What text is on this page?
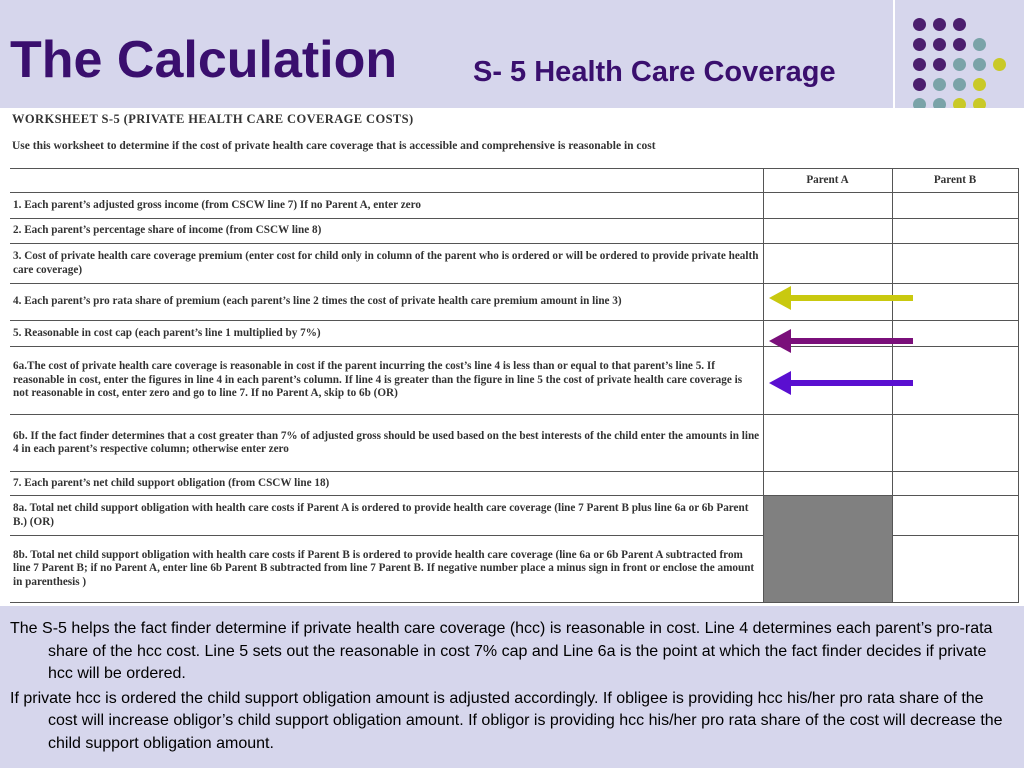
The Calculation	S- 5 Health Care Coverage

WORKSHEET S-5 (PRIVATE HEALTH CARE COVERAGE COSTS)

Use this worksheet to determine if the cost of private health care coverage that is accessible and comprehensive is reasonable in cost

	Parent A	Parent B
1. Each parent’s adjusted gross income (from CSCW line 7) If no Parent A, enter zero		
2. Each parent’s percentage share of income (from CSCW line 8)		
3. Cost of private health care coverage premium (enter cost for child only in column of the parent who is ordered or will be ordered to provide private health care coverage)		
4. Each parent’s pro rata share of premium (each parent’s line 2 times the cost of private health care premium amount in line 3)		
5. Reasonable in cost cap (each parent’s line 1 multiplied by 7%)		
6a.The cost of private health care coverage is reasonable in cost if the parent incurring the cost’s line 4 is less than or equal to that parent’s line 5. If reasonable in cost, enter the figures in line 4 in each parent’s column. If line 4 is greater than the figure in line 5 the cost of private health care coverage is not reasonable in cost, enter zero and go to line 7. If no Parent A, skip to 6b (OR)		
6b. If the fact finder determines that a cost greater than 7% of adjusted gross should be used based on the best interests of the child enter the amounts in line 4 in each parent’s respective column; otherwise enter zero		
7. Each parent’s net child support obligation (from CSCW line 18)		
8a. Total net child support obligation with health care costs if Parent A is ordered to provide health care coverage (line 7 Parent B plus line 6a or 6b Parent B.) (OR)		
8b. Total net child support obligation with health care costs if Parent B is ordered to provide health care coverage (line 6a or 6b Parent A subtracted from line 7 Parent B; if no Parent A, enter line 6b Parent B subtracted from line 7 Parent B. If negative number place a minus sign in front or enclose the amount in parenthesis )		

The S-5 helps the fact finder determine if private health care coverage (hcc) is reasonable in cost. Line 4 determines each parent’s pro-rata share of the hcc cost. Line 5 sets out the reasonable in cost 7% cap and Line 6a is the point at which the fact finder decides if private hcc will be ordered.

If private hcc is ordered the child support obligation amount is adjusted accordingly. If obligee is providing hcc his/her pro rata share of the cost will increase obligor’s child support obligation amount. If obligor is providing hcc his/her pro rata share of the cost will decrease the child support obligation amount.
